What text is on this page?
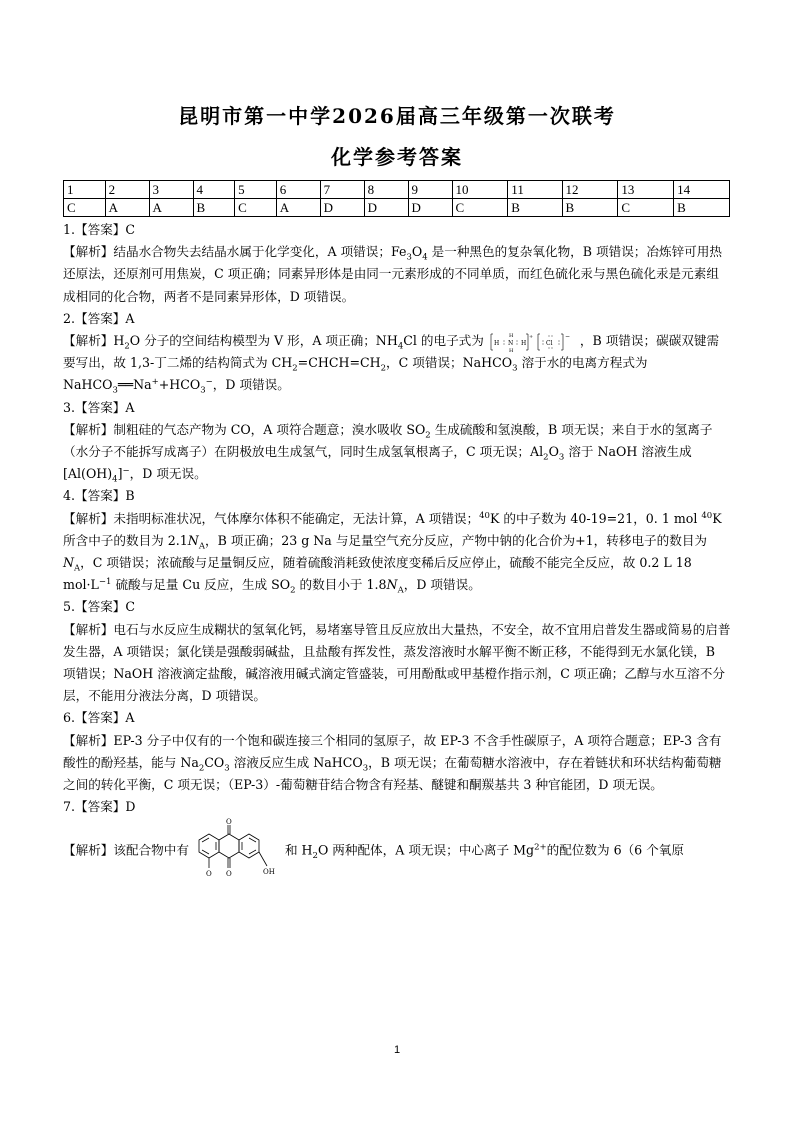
昆明市第一中学2026届高三年级第一次联考
化学参考答案
1	2	3	4	5	6	7	8	9	10	11	12	13	14
C	A	A	B	C	A	D	D	D	C	B	B	C	B

1.【答案】C

【解析】结晶水合物失去结晶水属于化学变化，A 项错误；$Fe_3O_4$ 是一种黑色的复杂氧化物，B 项错误；冶炼锌可用热还原法，还原剂可用焦炭，C 项正确；同素异形体是由同一元素形成的不同单质，而红色硫化汞与黑色硫化汞是元素组成相同的化合物，两者不是同素异形体，D 项错误。

2.【答案】A

【解析】$H_2O$ 分子的空间结构模型为 V 形，A 项正确；$NH_4Cl$ 的电子式为 H N
H
H
H
+
Cl
− ，B 项错误；碳碳双键需要写出，故 1,3-丁二烯的结构简式为 $CH_2=CHCH=CH_2$，C 项错误；NaHCO$_3$ 溶于水的电离方程式为 $NaHCO_3══Na^++HCO_3^-$，D 项错误。

3.【答案】A

【解析】制粗硅的气态产物为 CO，A 项符合题意；溴水吸收 $SO_2$ 生成硫酸和氢溴酸，B 项无误；来自于水的氢离子（水分子不能拆写成离子）在阴极放电生成氢气，同时生成氢氧根离子，C 项无误；$Al_2O_3$ 溶于 NaOH 溶液生成$[Al(OH)_4]^-$，D 项无误。

4.【答案】B

【解析】未指明标准状况，气体摩尔体积不能确定，无法计算，A 项错误；$^{40}$K 的中子数为 40-19=21，0. 1 mol $^{40}$K 所含中子的数目为 $2.1N_A$，B 项正确；23 g Na 与足量空气充分反应，产物中钠的化合价为+1，转移电子的数目为 $N_A$，C 项错误；浓硫酸与足量铜反应，随着硫酸消耗致使浓度变稀后反应停止，硫酸不能完全反应，故 0.2 L 18 $mol\cdot L^{-1}$ 硫酸与足量 Cu 反应，生成 $SO_2$ 的数目小于 $1.8N_A$，D 项错误。

5.【答案】C

【解析】电石与水反应生成糊状的氢氧化钙，易堵塞导管且反应放出大量热，不安全，故不宜用启普发生器或简易的启普发生器，A 项错误；氯化镁是强酸弱碱盐，且盐酸有挥发性，蒸发溶液时水解平衡不断正移，不能得到无水氯化镁，B 项错误；NaOH 溶液滴定盐酸，碱溶液用碱式滴定管盛装，可用酚酞或甲基橙作指示剂，C 项正确；乙醇与水互溶不分层，不能用分液法分离，D 项错误。

6.【答案】A

【解析】EP-3 分子中仅有的一个饱和碳连接三个相同的氢原子，故 EP-3 不含手性碳原子，A 项符合题意；EP-3 含有酸性的酚羟基，能与 $Na_2CO_3$ 溶液反应生成 NaHCO$_3$，B 项无误；在葡萄糖水溶液中，存在着链状和环状结构葡萄糖之间的转化平衡，C 项无误；（EP-3）-葡萄糖苷结合物含有羟基、醚键和酮羰基共 3 种官能团，D 项无误。

7.【答案】D

【解析】该配合物中有
O
O
O	OH
和 $H_2O$ 两种配体，A 项无误；中心离子 $Mg^{2+}$的配位数为 6（6 个氧原

1
